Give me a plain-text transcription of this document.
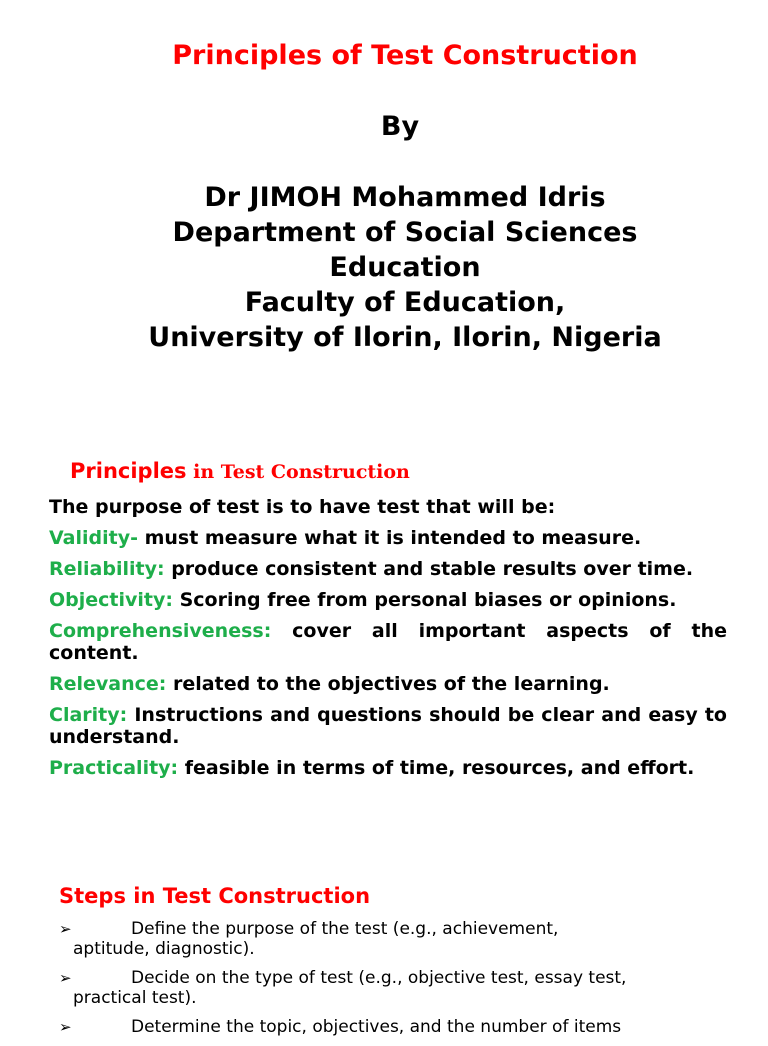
Principles of Test Construction
By
Dr JIMOH Mohammed Idris
Department of Social Sciences
Education
Faculty of Education,
University of Ilorin, Ilorin, Nigeria
Principles in Test Construction

The purpose of test is to have test that will be:

Validity- must measure what it is intended to measure.

Reliability: produce consistent and stable results over time.

Objectivity: Scoring free from personal biases or opinions.

Comprehensiveness: cover all important aspects of the content.

Relevance: related to the objectives of the learning.

Clarity: Instructions and questions should be clear and easy to understand.

Practicality: feasible in terms of time, resources, and effort.

Steps in Test Construction
➢	Define the purpose of the test (e.g., achievement,
aptitude, diagnostic).
➢	Decide on the type of test (e.g., objective test, essay test,
practical test).
➢	Determine the topic, objectives, and the number of items
